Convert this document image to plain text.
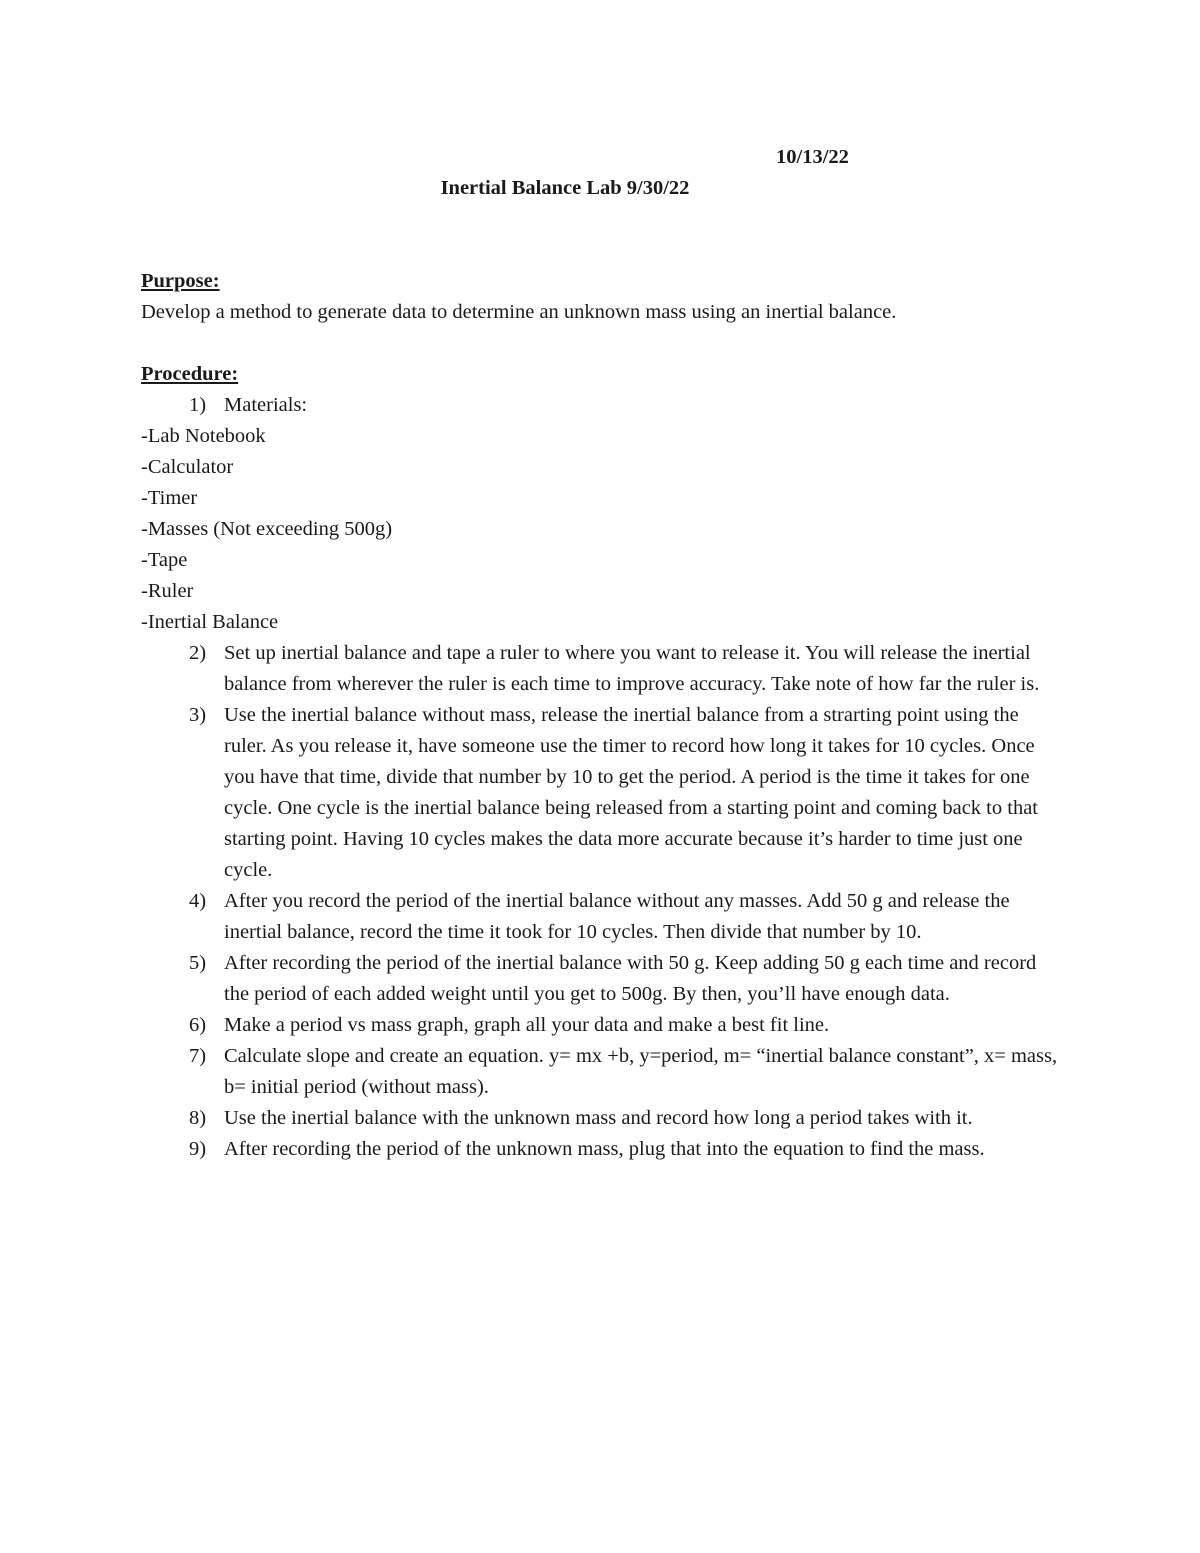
10/13/22
Inertial Balance Lab 9/30/22

Purpose:

Develop a method to generate data to determine an unknown mass using an inertial balance.

Procedure:

1) Materials:
-Lab Notebook
-Calculator
-Timer
-Masses (Not exceeding 500g)
-Tape
-Ruler
-Inertial Balance
2) Set up inertial balance and tape a ruler to where you want to release it. You will release the inertial balance from wherever the ruler is each time to improve accuracy. Take note of how far the ruler is.
3) Use the inertial balance without mass, release the inertial balance from a strarting point using the ruler. As you release it, have someone use the timer to record how long it takes for 10 cycles. Once you have that time, divide that number by 10 to get the period. A period is the time it takes for one cycle. One cycle is the inertial balance being released from a starting point and coming back to that starting point. Having 10 cycles makes the data more accurate because it’s harder to time just one cycle.
4) After you record the period of the inertial balance without any masses. Add 50 g and release the inertial balance, record the time it took for 10 cycles. Then divide that number by 10.
5) After recording the period of the inertial balance with 50 g. Keep adding 50 g each time and record the period of each added weight until you get to 500g. By then, you’ll have enough data.
6) Make a period vs mass graph, graph all your data and make a best fit line.
7) Calculate slope and create an equation. y= mx +b, y=period, m= “inertial balance constant”, x= mass, b= initial period (without mass).
8) Use the inertial balance with the unknown mass and record how long a period takes with it.
9) After recording the period of the unknown mass, plug that into the equation to find the mass.
